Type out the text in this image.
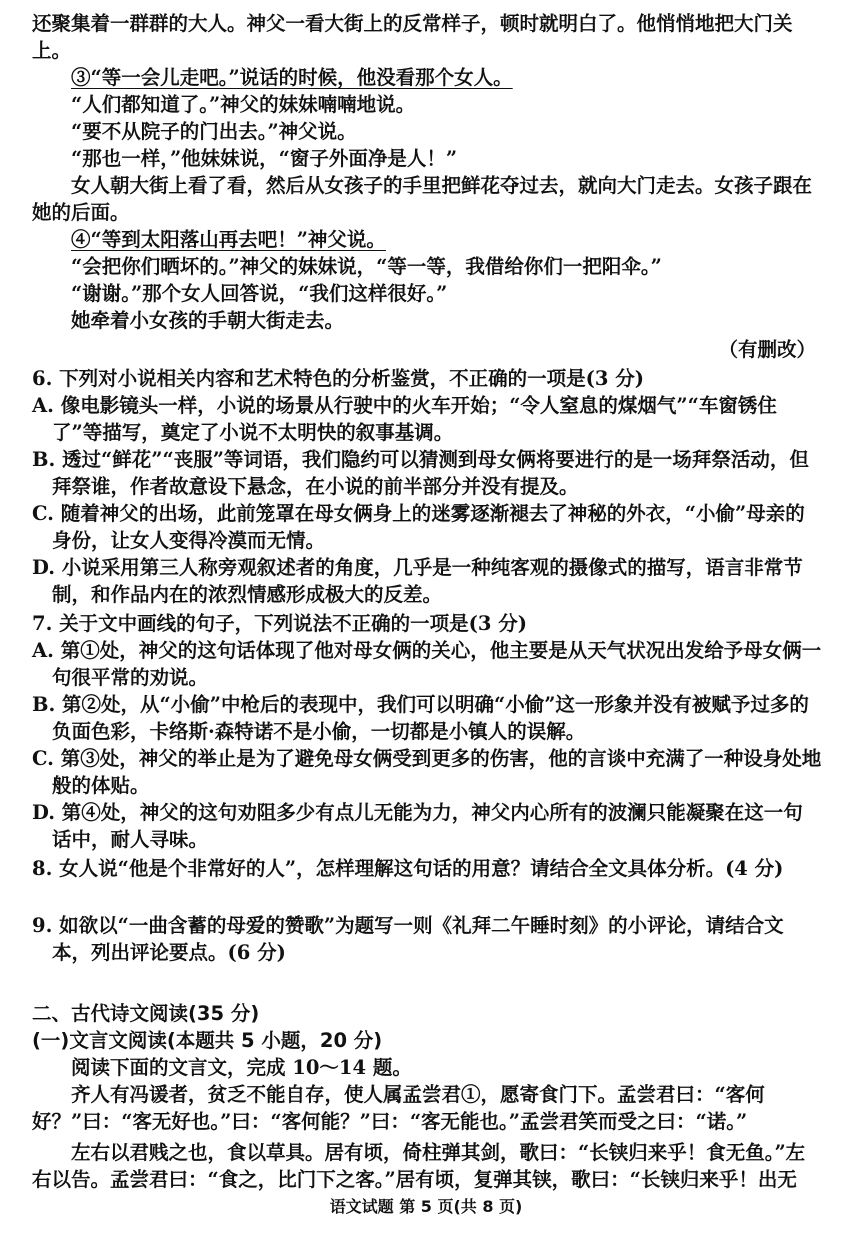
还聚集着一群群的大人。神父一看大街上的反常样子，顿时就明白了。他悄悄地把大门关上。

③“等一会儿走吧。”说话的时候，他没看那个女人。

“人们都知道了。”神父的妹妹喃喃地说。

“要不从院子的门出去。”神父说。

“那也一样，”他妹妹说，“窗子外面净是人！”

女人朝大街上看了看，然后从女孩子的手里把鲜花夺过去，就向大门走去。女孩子跟在她的后面。

④“等到太阳落山再去吧！”神父说。

“会把你们晒坏的。”神父的妹妹说，“等一等，我借给你们一把阳伞。”

“谢谢。”那个女人回答说，“我们这样很好。”

她牵着小女孩的手朝大街走去。

（有删改）

6. 下列对小说相关内容和艺术特色的分析鉴赏，不正确的一项是(3 分)

A. 像电影镜头一样，小说的场景从行驶中的火车开始；“令人窒息的煤烟气”“车窗锈住了”等描写，奠定了小说不太明快的叙事基调。

B. 透过“鲜花”“丧服”等词语，我们隐约可以猜测到母女俩将要进行的是一场拜祭活动，但拜祭谁，作者故意设下悬念，在小说的前半部分并没有提及。

C. 随着神父的出场，此前笼罩在母女俩身上的迷雾逐渐褪去了神秘的外衣，“小偷”母亲的身份，让女人变得冷漠而无情。

D. 小说采用第三人称旁观叙述者的角度，几乎是一种纯客观的摄像式的描写，语言非常节制，和作品内在的浓烈情感形成极大的反差。

7. 关于文中画线的句子，下列说法不正确的一项是(3 分)

A. 第①处，神父的这句话体现了他对母女俩的关心，他主要是从天气状况出发给予母女俩一句很平常的劝说。

B. 第②处，从“小偷”中枪后的表现中，我们可以明确“小偷”这一形象并没有被赋予过多的负面色彩，卡络斯·森特诺不是小偷，一切都是小镇人的误解。

C. 第③处，神父的举止是为了避免母女俩受到更多的伤害，他的言谈中充满了一种设身处地般的体贴。

D. 第④处，神父的这句劝阻多少有点儿无能为力，神父内心所有的波澜只能凝聚在这一句话中，耐人寻味。

8. 女人说“他是个非常好的人”，怎样理解这句话的用意？请结合全文具体分析。(4 分)

9. 如欲以“一曲含蓄的母爱的赞歌”为题写一则《礼拜二午睡时刻》的小评论，请结合文本，列出评论要点。(6 分)

二、古代诗文阅读(35 分)

(一)文言文阅读(本题共 5 小题，20 分)

阅读下面的文言文，完成 10～14 题。

齐人有冯谖者，贫乏不能自存，使人属孟尝君①，愿寄食门下。孟尝君曰：“客何好？”曰：“客无好也。”曰：“客何能？”曰：“客无能也。”孟尝君笑而受之曰：“诺。”

左右以君贱之也，食以草具。居有顷，倚柱弹其剑，歌曰：“长铗归来乎！食无鱼。”左右以告。孟尝君曰：“食之，比门下之客。”居有顷，复弹其铗，歌曰：“长铗归来乎！出无

语文试题 第 5 页(共 8 页)
